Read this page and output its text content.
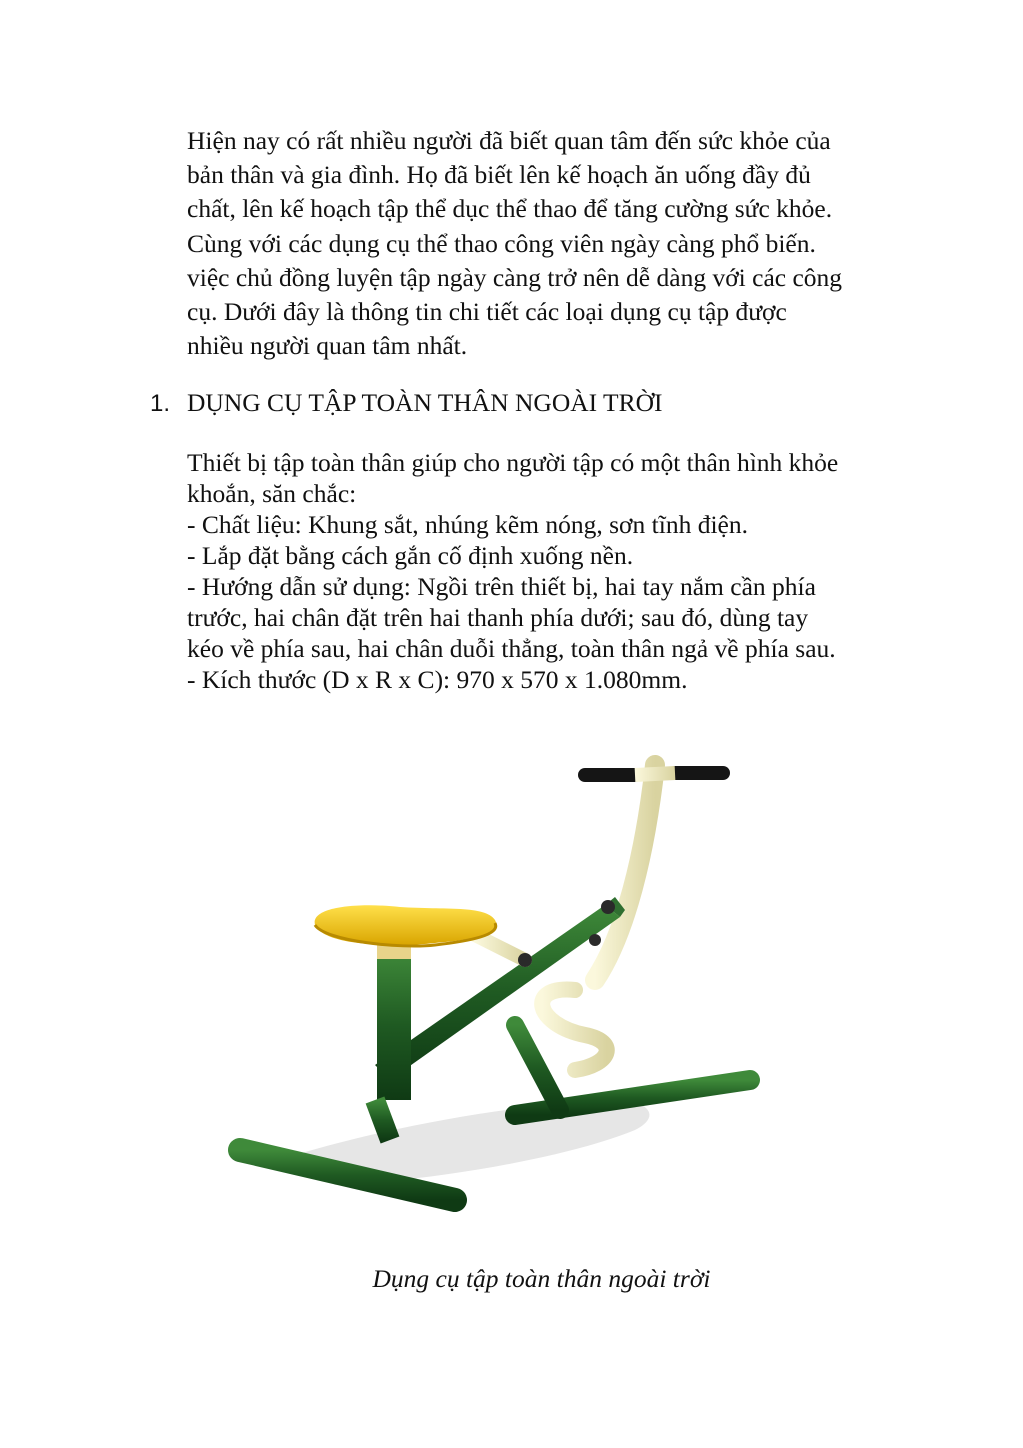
Hiện nay có rất nhiều người đã biết quan tâm đến sức khỏe của

bản thân và gia đình. Họ đã biết lên kế hoạch ăn uống đầy đủ

chất, lên kế hoạch tập thể dục thể thao để tăng cường sức khỏe.

Cùng với các dụng cụ thể thao công viên ngày càng phổ biến.

việc chủ đồng luyện tập ngày càng trở nên dễ dàng với các công

cụ. Dưới đây là thông tin chi tiết các loại dụng cụ tập được

nhiều người quan tâm nhất.

1. DỤNG CỤ TẬP TOÀN THÂN NGOÀI TRỜI

Thiết bị tập toàn thân giúp cho người tập có một thân hình khỏe

khoắn, săn chắc:

- Chất liệu: Khung sắt, nhúng kẽm nóng, sơn tĩnh điện.

- Lắp đặt bằng cách gắn cố định xuống nền.

- Hướng dẫn sử dụng: Ngồi trên thiết bị, hai tay nắm cần phía

trước, hai chân đặt trên hai thanh phía dưới; sau đó, dùng tay

kéo về phía sau, hai chân duỗi thẳng, toàn thân ngả về phía sau.

- Kích thước (D x R x C): 970 x 570 x 1.080mm.

Dụng cụ tập toàn thân ngoài trời
